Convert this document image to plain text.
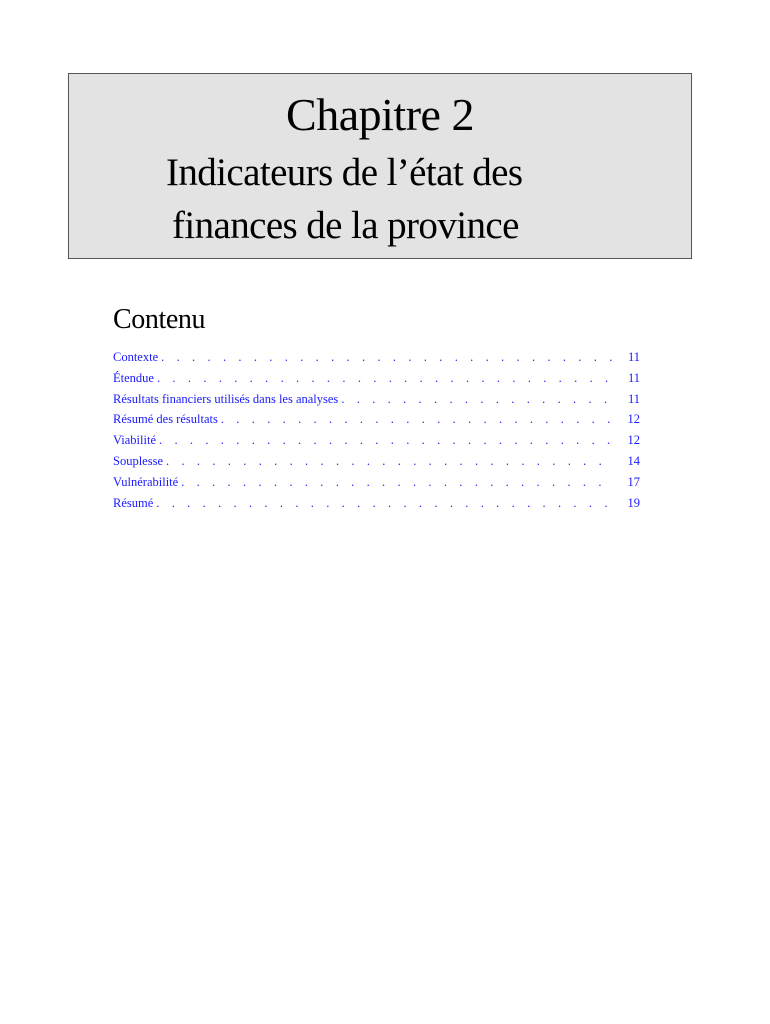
Chapitre 2
Indicateurs de l’état des
finances de la province
Contenu
Contexte . . .	11
Étendue . . .	11
Résultats financiers utilisés dans les analyses . . .	11
Résumé des résultats . . .	12
Viabilité . . .	12
Souplesse . . .	14
Vulnérabilité . . .	17
Résumé . . .	19
